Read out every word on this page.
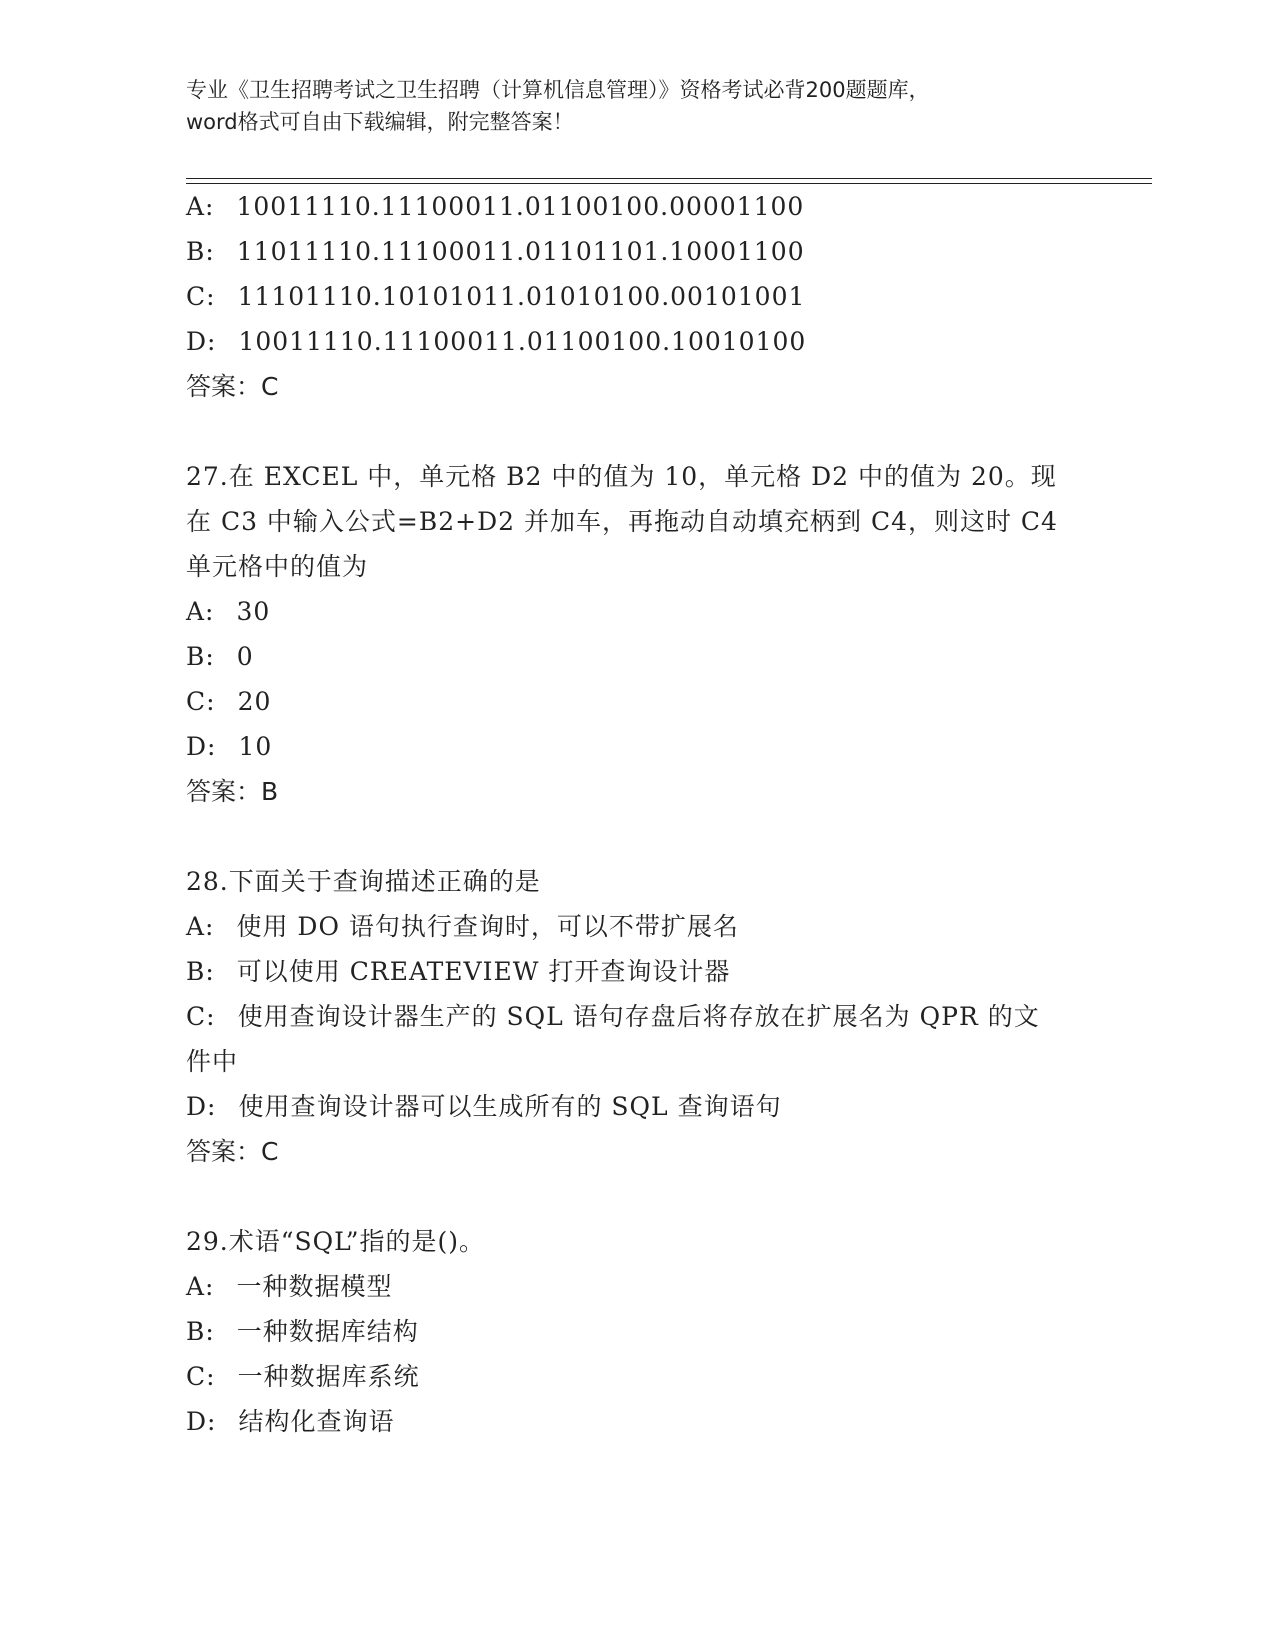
专业《卫生招聘考试之卫生招聘（计算机信息管理）》资格考试必背200题题库，
word格式可自由下载编辑，附完整答案！
A: 10011110.11100011.01100100.00001100
B: 11011110.11100011.01101101.10001100
C: 11101110.10101011.01010100.00101001
D: 10011110.11100011.01100100.10010100
答案：C
27.在 EXCEL 中，单元格 B2 中的值为 10，单元格 D2 中的值为 20。现
在 C3 中输入公式=B2+D2 并加车，再拖动自动填充柄到 C4，则这时 C4
单元格中的值为
A: 30
B: 0
C: 20
D: 10
答案：B
28.下面关于查询描述正确的是
A: 使用 DO 语句执行查询时，可以不带扩展名
B: 可以使用 CREATEVIEW 打开查询设计器
C: 使用查询设计器生产的 SQL 语句存盘后将存放在扩展名为 QPR 的文
件中
D: 使用查询设计器可以生成所有的 SQL 查询语句
答案：C
29.术语“SQL”指的是()。
A: 一种数据模型
B: 一种数据库结构
C: 一种数据库系统
D: 结构化查询语
